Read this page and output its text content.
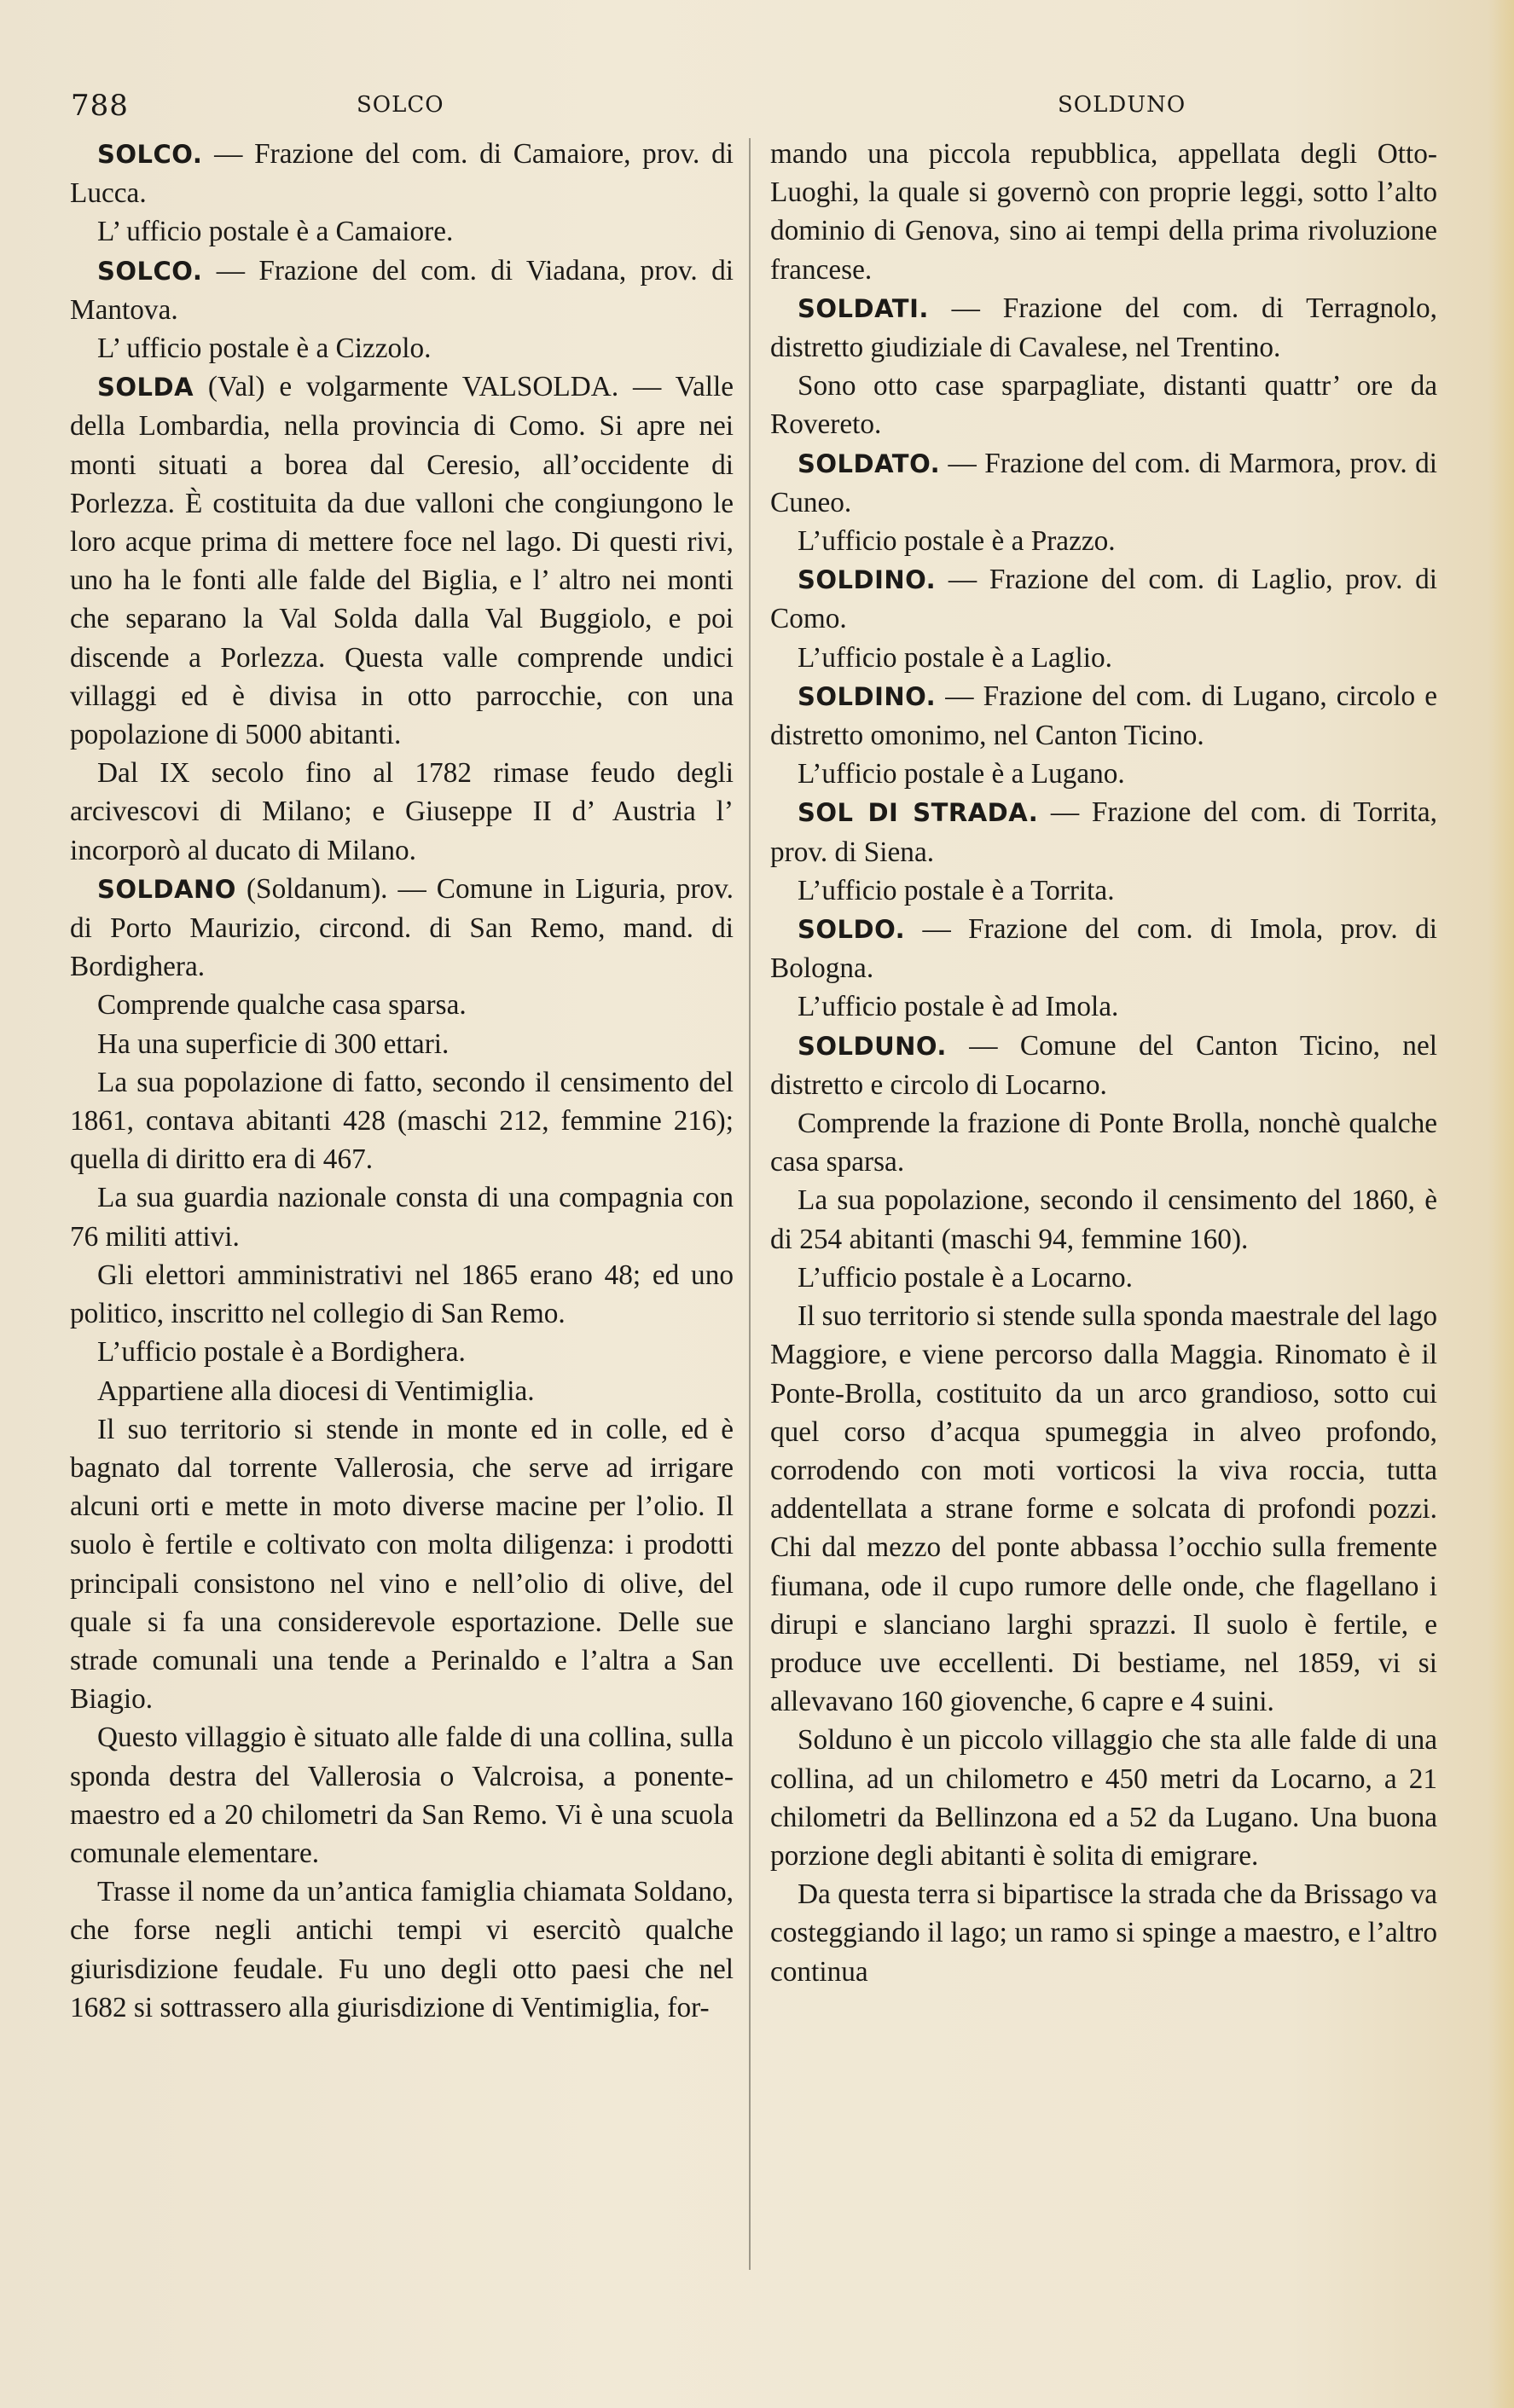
788	SOLCO	SOLDUNO

SOLCO. — Frazione del com. di Camaiore, prov. di Lucca.

L’ ufficio postale è a Camaiore.

SOLCO. — Frazione del com. di Viadana, prov. di Mantova.

L’ ufficio postale è a Cizzolo.

SOLDA (Val) e volgarmente VALSOLDA. — Valle della Lombardia, nella provincia di Como. Si apre nei monti situati a borea dal Ceresio, all’occidente di Porlezza. È costituita da due valloni che congiungono le loro acque prima di mettere foce nel lago. Di questi rivi, uno ha le fonti alle falde del Biglia, e l’ altro nei monti che separano la Val Solda dalla Val Buggiolo, e poi discende a Porlezza. Questa valle comprende undici villaggi ed è divisa in otto parrocchie, con una popolazione di 5000 abitanti.

Dal IX secolo fino al 1782 rimase feudo degli arcivescovi di Milano; e Giuseppe II d’ Austria l’ incorporò al ducato di Milano.

SOLDANO (Soldanum). — Comune in Liguria, prov. di Porto Maurizio, circond. di San Remo, mand. di Bordighera.

Comprende qualche casa sparsa.

Ha una superficie di 300 ettari.

La sua popolazione di fatto, secondo il censimento del 1861, contava abitanti 428 (maschi 212, femmine 216); quella di diritto era di 467.

La sua guardia nazionale consta di una compagnia con 76 militi attivi.

Gli elettori amministrativi nel 1865 erano 48; ed uno politico, inscritto nel collegio di San Remo.

L’ufficio postale è a Bordighera.

Appartiene alla diocesi di Ventimiglia.

Il suo territorio si stende in monte ed in colle, ed è bagnato dal torrente Vallerosia, che serve ad irrigare alcuni orti e mette in moto diverse macine per l’olio. Il suolo è fertile e coltivato con molta diligenza: i prodotti principali consistono nel vino e nell’olio di olive, del quale si fa una considerevole esportazione. Delle sue strade comunali una tende a Perinaldo e l’altra a San Biagio.

Questo villaggio è situato alle falde di una collina, sulla sponda destra del Vallerosia o Valcroisa, a ponente-maestro ed a 20 chilometri da San Remo. Vi è una scuola comunale elementare.

Trasse il nome da un’antica famiglia chiamata Soldano, che forse negli antichi tempi vi esercitò qualche giurisdizione feudale. Fu uno degli otto paesi che nel 1682 si sottrassero alla giurisdizione di Ventimiglia, for-

mando una piccola repubblica, appellata degli Otto-Luoghi, la quale si governò con proprie leggi, sotto l’alto dominio di Genova, sino ai tempi della prima rivoluzione francese.

SOLDATI. — Frazione del com. di Terragnolo, distretto giudiziale di Cavalese, nel Trentino.

Sono otto case sparpagliate, distanti quattr’ ore da Rovereto.

SOLDATO. — Frazione del com. di Marmora, prov. di Cuneo.

L’ufficio postale è a Prazzo.

SOLDINO. — Frazione del com. di Laglio, prov. di Como.

L’ufficio postale è a Laglio.

SOLDINO. — Frazione del com. di Lugano, circolo e distretto omonimo, nel Canton Ticino.

L’ufficio postale è a Lugano.

SOL DI STRADA. — Frazione del com. di Torrita, prov. di Siena.

L’ufficio postale è a Torrita.

SOLDO. — Frazione del com. di Imola, prov. di Bologna.

L’ufficio postale è ad Imola.

SOLDUNO. — Comune del Canton Ticino, nel distretto e circolo di Locarno.

Comprende la frazione di Ponte Brolla, nonchè qualche casa sparsa.

La sua popolazione, secondo il censimento del 1860, è di 254 abitanti (maschi 94, femmine 160).

L’ufficio postale è a Locarno.

Il suo territorio si stende sulla sponda maestrale del lago Maggiore, e viene percorso dalla Maggia. Rinomato è il Ponte-Brolla, costituito da un arco grandioso, sotto cui quel corso d’acqua spumeggia in alveo profondo, corrodendo con moti vorticosi la viva roccia, tutta addentellata a strane forme e solcata di profondi pozzi. Chi dal mezzo del ponte abbassa l’occhio sulla fremente fiumana, ode il cupo rumore delle onde, che flagellano i dirupi e slanciano larghi sprazzi. Il suolo è fertile, e produce uve eccellenti. Di bestiame, nel 1859, vi si allevavano 160 giovenche, 6 capre e 4 suini.

Solduno è un piccolo villaggio che sta alle falde di una collina, ad un chilometro e 450 metri da Locarno, a 21 chilometri da Bellinzona ed a 52 da Lugano. Una buona porzione degli abitanti è solita di emigrare.

Da questa terra si bipartisce la strada che da Brissago va costeggiando il lago; un ramo si spinge a maestro, e l’altro continua
